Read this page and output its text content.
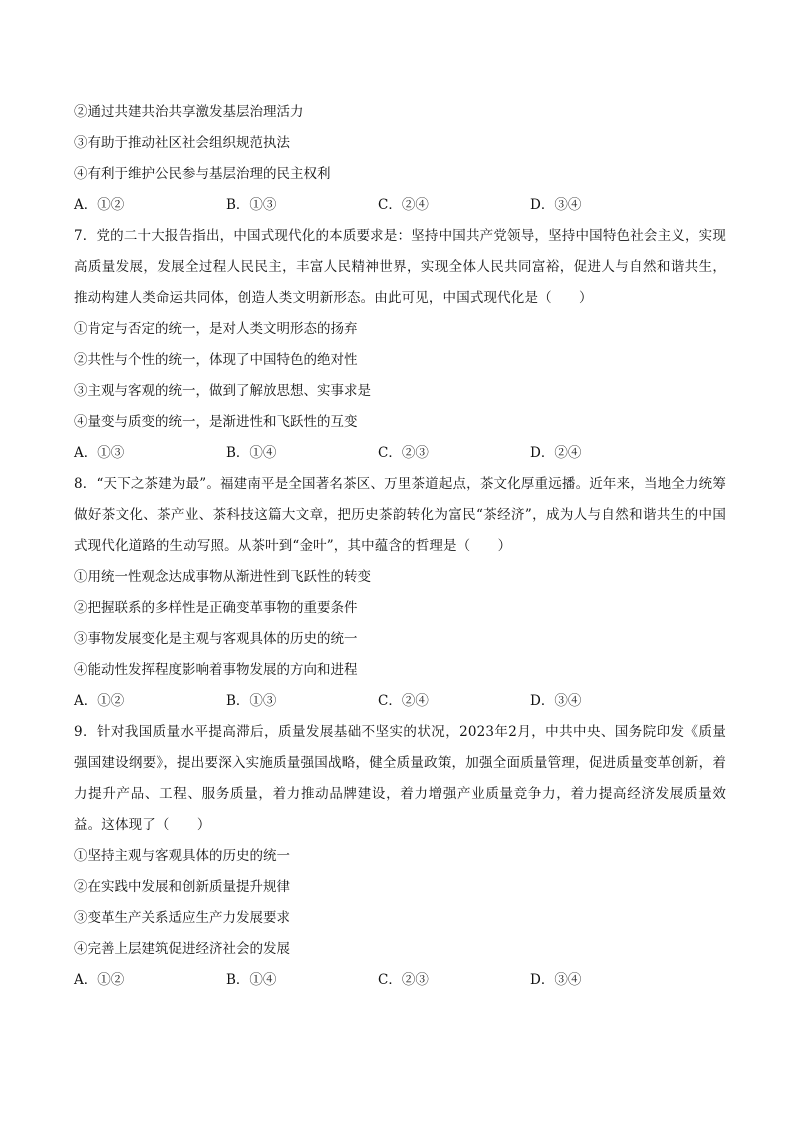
②通过共建共治共享激发基层治理活力
③有助于推动社区社会组织规范执法
④有利于维护公民参与基层治理的民主权利
A．①②	B．①③	C．②④	D．③④
7．党的二十大报告指出，中国式现代化的本质要求是：坚持中国共产党领导，坚持中国特色社会主义，实现高质量发展，发展全过程人民民主，丰富人民精神世界，实现全体人民共同富裕，促进人与自然和谐共生，推动构建人类命运共同体，创造人类文明新形态。由此可见，中国式现代化是（　　）
①肯定与否定的统一，是对人类文明形态的扬弃
②共性与个性的统一，体现了中国特色的绝对性
③主观与客观的统一，做到了解放思想、实事求是
④量变与质变的统一，是渐进性和飞跃性的互变
A．①③	B．①④	C．②③	D．②④
8．“天下之茶建为最”。福建南平是全国著名茶区、万里茶道起点，茶文化厚重远播。近年来，当地全力统筹做好茶文化、茶产业、茶科技这篇大文章，把历史茶韵转化为富民“茶经济”，成为人与自然和谐共生的中国式现代化道路的生动写照。从茶叶到“金叶”，其中蕴含的哲理是（　　）
①用统一性观念达成事物从渐进性到飞跃性的转变
②把握联系的多样性是正确变革事物的重要条件
③事物发展变化是主观与客观具体的历史的统一
④能动性发挥程度影响着事物发展的方向和进程
A．①②	B．①③	C．②④	D．③④
9．针对我国质量水平提高滞后，质量发展基础不坚实的状况，2023年2月，中共中央、国务院印发《质量强国建设纲要》，提出要深入实施质量强国战略，健全质量政策，加强全面质量管理，促进质量变革创新，着力提升产品、工程、服务质量，着力推动品牌建设，着力增强产业质量竞争力，着力提高经济发展质量效益。这体现了（　　）
①坚持主观与客观具体的历史的统一
②在实践中发展和创新质量提升规律
③变革生产关系适应生产力发展要求
④完善上层建筑促进经济社会的发展
A．①②	B．①④	C．②③	D．③④
